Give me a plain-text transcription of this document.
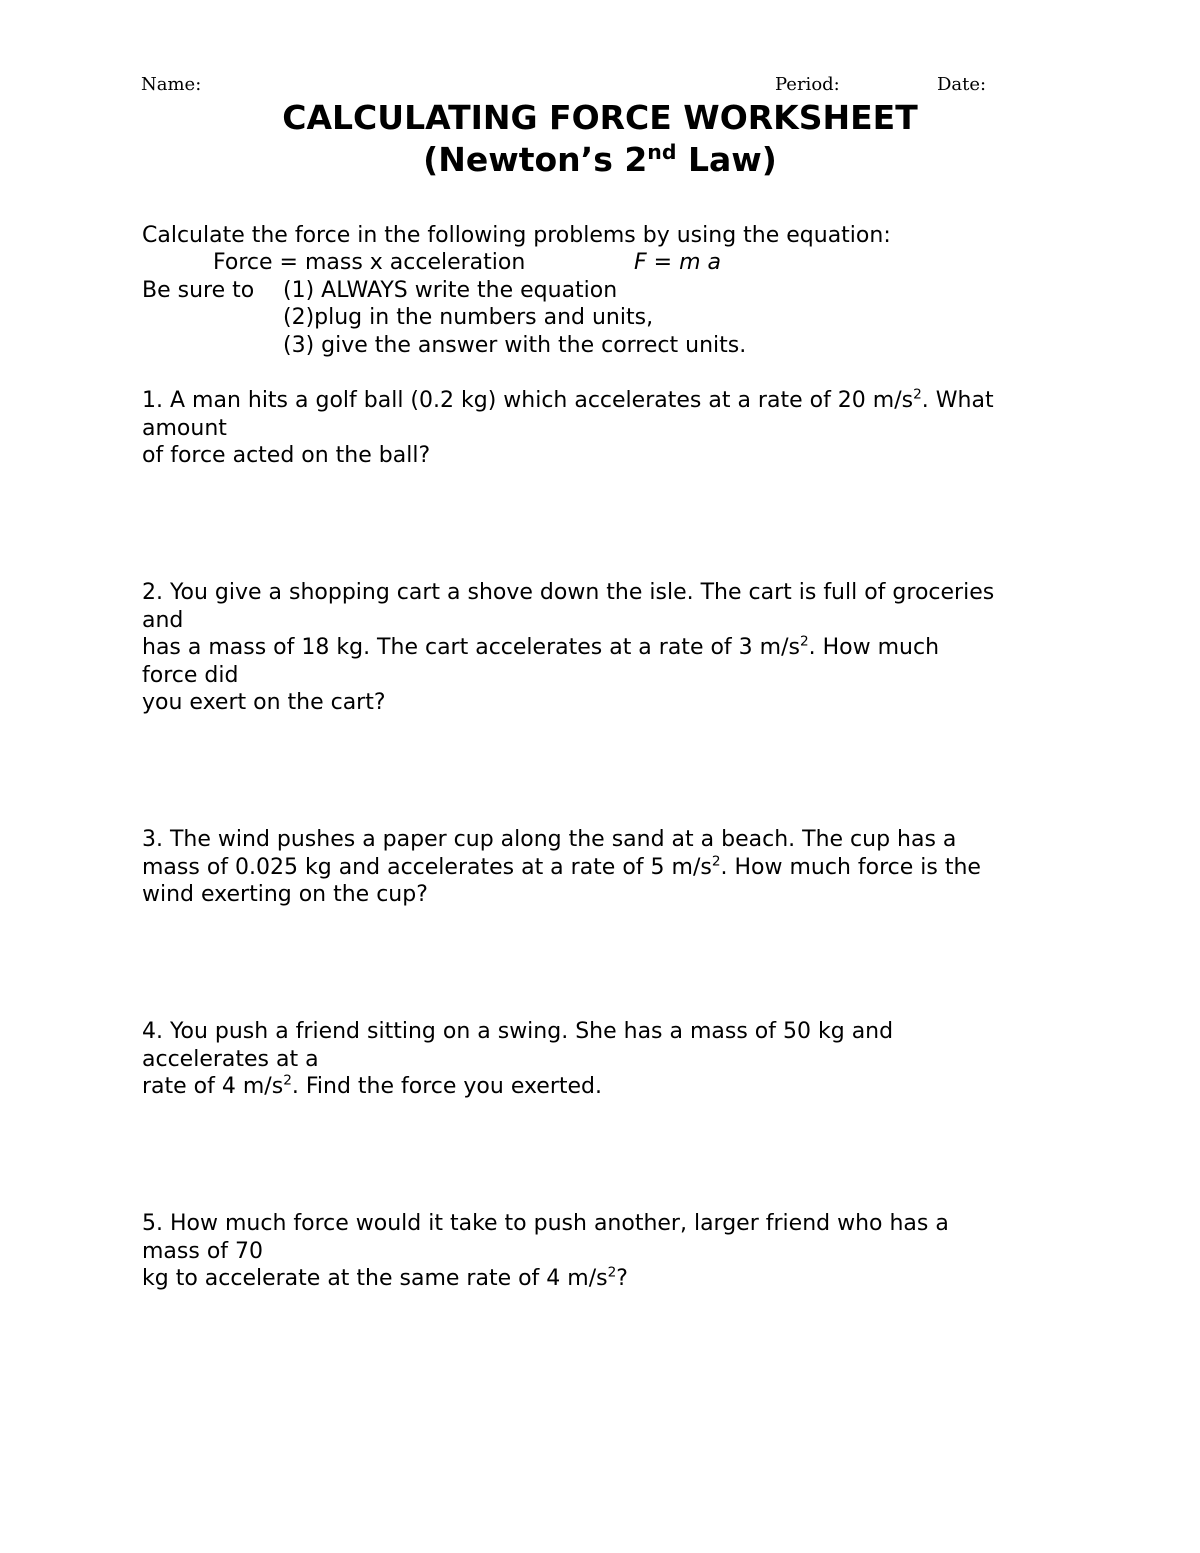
Name:	Period:	Date:
CALCULATING FORCE WORKSHEET
(Newton’s 2nd Law)
Calculate the force in the following problems by using the equation:
Force = mass x acceleration	F = m a
Be sure to (1) ALWAYS write the equation
(2)plug in the numbers and units,
(3) give the answer with the correct units.
1. A man hits a golf ball (0.2 kg) which accelerates at a rate of 20 $m/s^2$. What
amount
of force acted on the ball?
2. You give a shopping cart a shove down the isle. The cart is full of groceries
and
has a mass of 18 kg. The cart accelerates at a rate of 3 $m/s^2$. How much
force did
you exert on the cart?
3. The wind pushes a paper cup along the sand at a beach. The cup has a
mass of 0.025 kg and accelerates at a rate of 5 $m/s^2$. How much force is the
wind exerting on the cup?
4. You push a friend sitting on a swing. She has a mass of 50 kg and
accelerates at a
rate of 4 $m/s^2$. Find the force you exerted.
5. How much force would it take to push another, larger friend who has a
mass of 70
kg to accelerate at the same rate of 4 $m/s^2$?
